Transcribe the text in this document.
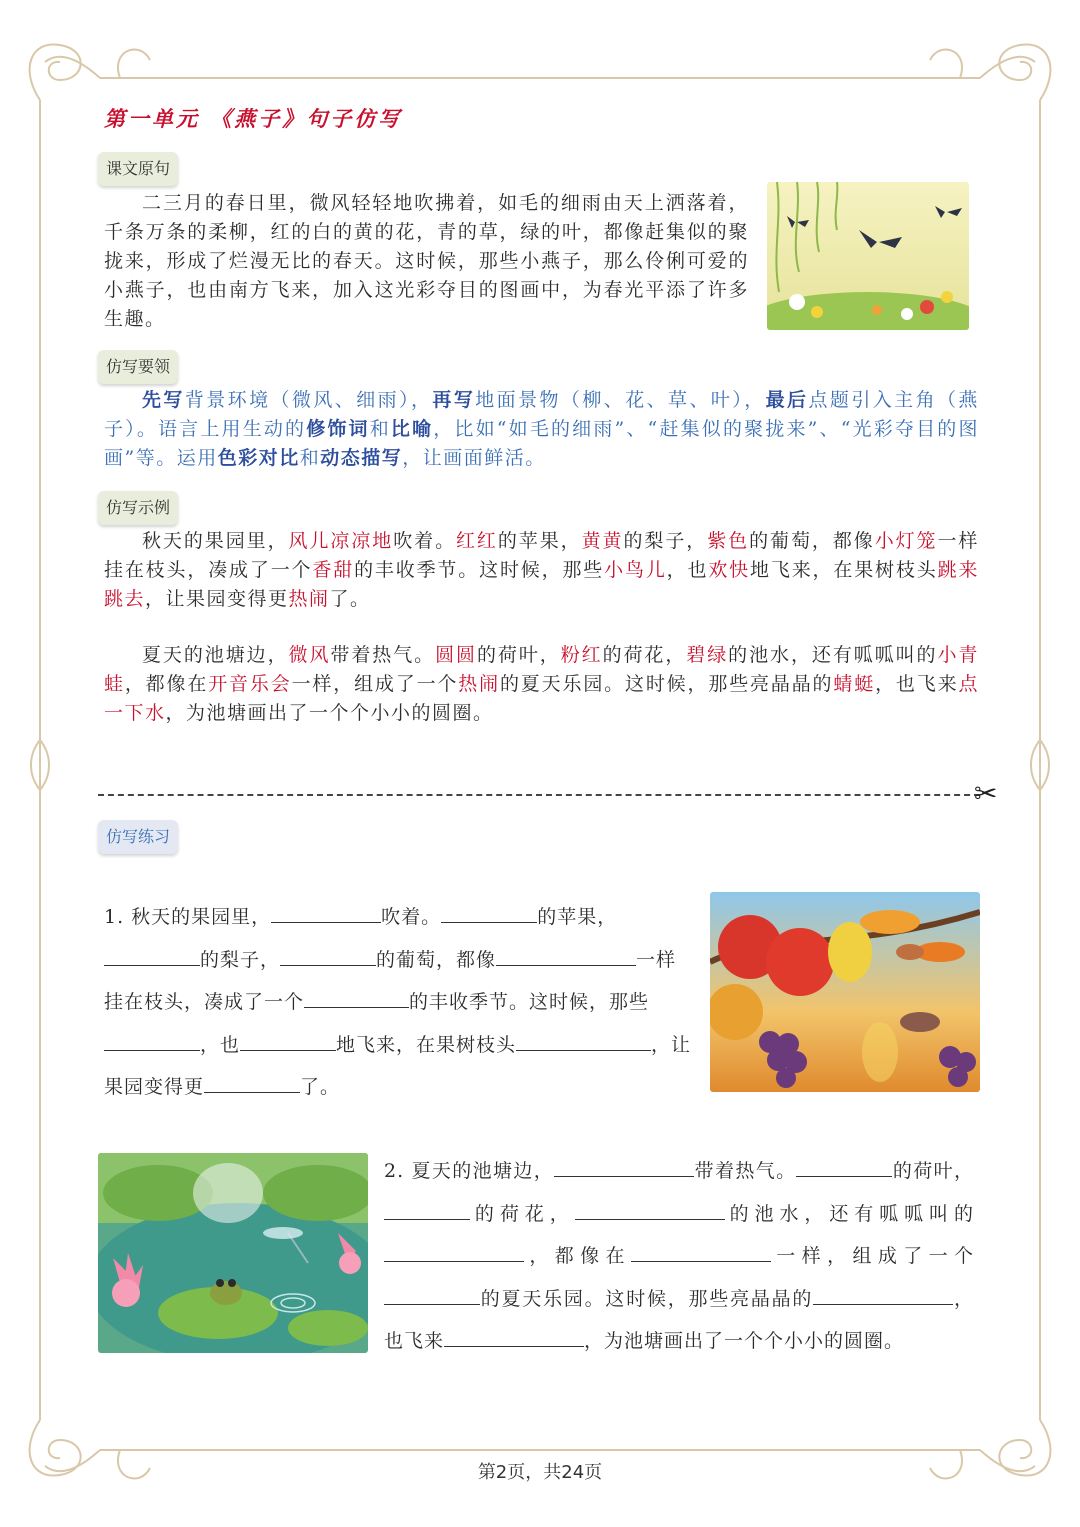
第一单元 《燕子》句子仿写
课文原句
二三月的春日里，微风轻轻地吹拂着，如毛的细雨由天上洒落着，千条万条的柔柳，红的白的黄的花，青的草，绿的叶，都像赶集似的聚拢来，形成了烂漫无比的春天。这时候，那些小燕子，那么伶俐可爱的小燕子，也由南方飞来，加入这光彩夺目的图画中，为春光平添了许多生趣。
仿写要领
先写背景环境（微风、细雨），再写地面景物（柳、花、草、叶），最后点题引入主角（燕子）。语言上用生动的修饰词和比喻，比如“如毛的细雨”、“赶集似的聚拢来”、“光彩夺目的图画”等。运用色彩对比和动态描写，让画面鲜活。
仿写示例
秋天的果园里，风儿凉凉地吹着。红红的苹果，黄黄的梨子，紫色的葡萄，都像小灯笼一样挂在枝头，凑成了一个香甜的丰收季节。这时候，那些小鸟儿，也欢快地飞来，在果树枝头跳来跳去，让果园变得更热闹了。
夏天的池塘边，微风带着热气。圆圆的荷叶，粉红的荷花，碧绿的池水，还有呱呱叫的小青蛙，都像在开音乐会一样，组成了一个热闹的夏天乐园。这时候，那些亮晶晶的蜻蜓，也飞来点一下水，为池塘画出了一个个小小的圆圈。
✂
仿写练习
1. 秋天的果园里，	吹着。	的苹果，的梨子，	的葡萄，都像	一样挂在枝头，凑成了一个	的丰收季节。这时候，那些，也	地飞来，在果树枝头	，让果园变得更	了。
2. 夏天的池塘边，	带着热气。	的荷叶，的荷花，	的池水，还有呱呱叫的，都像在	一样，组成了一个的夏天乐园。这时候，那些亮晶晶的	，也飞来	，为池塘画出了一个个小小的圆圈。
第2页，共24页
